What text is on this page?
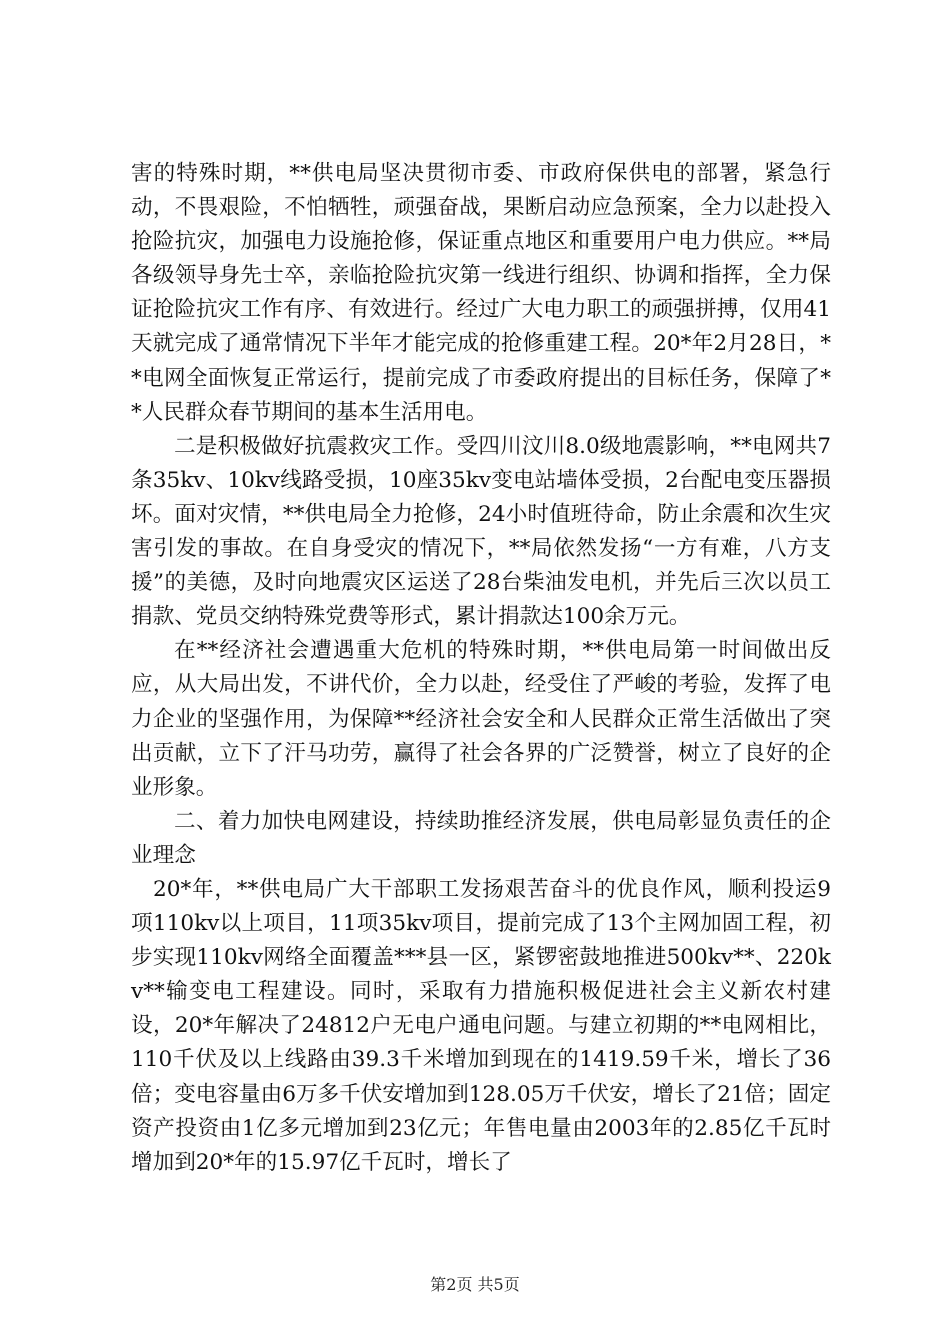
害的特殊时期，**供电局坚决贯彻市委、市政府保供电的部署，紧急行动，不畏艰险，不怕牺牲，顽强奋战，果断启动应急预案，全力以赴投入抢险抗灾，加强电力设施抢修，保证重点地区和重要用户电力供应。**局各级领导身先士卒，亲临抢险抗灾第一线进行组织、协调和指挥，全力保证抢险抗灾工作有序、有效进行。经过广大电力职工的顽强拼搏，仅用41天就完成了通常情况下半年才能完成的抢修重建工程。20*年2月28日，**电网全面恢复正常运行，提前完成了市委政府提出的目标任务，保障了**人民群众春节期间的基本生活用电。

二是积极做好抗震救灾工作。受四川汶川8.0级地震影响，**电网共7条35kv、10kv线路受损，10座35kv变电站墙体受损，2台配电变压器损坏。面对灾情，**供电局全力抢修，24小时值班待命，防止余震和次生灾害引发的事故。在自身受灾的情况下，**局依然发扬“一方有难，八方支援”的美德，及时向地震灾区运送了28台柴油发电机，并先后三次以员工捐款、党员交纳特殊党费等形式，累计捐款达100余万元。

在**经济社会遭遇重大危机的特殊时期，**供电局第一时间做出反应，从大局出发，不讲代价，全力以赴，经受住了严峻的考验，发挥了电力企业的坚强作用，为保障**经济社会安全和人民群众正常生活做出了突出贡献，立下了汗马功劳，赢得了社会各界的广泛赞誉，树立了良好的企业形象。

二、着力加快电网建设，持续助推经济发展，供电局彰显负责任的企业理念

20*年，**供电局广大干部职工发扬艰苦奋斗的优良作风，顺利投运9项110kv以上项目，11项35kv项目，提前完成了13个主网加固工程，初步实现110kv网络全面覆盖***县一区，紧锣密鼓地推进500kv**、220kv**输变电工程建设。同时，采取有力措施积极促进社会主义新农村建设，20*年解决了24812户无电户通电问题。与建立初期的**电网相比，110千伏及以上线路由39.3千米增加到现在的1419.59千米，增长了36倍；变电容量由6万多千伏安增加到128.05万千伏安，增长了21倍；固定资产投资由1亿多元增加到23亿元；年售电量由2003年的2.85亿千瓦时增加到20*年的15.97亿千瓦时，增长了

第2页 共5页
